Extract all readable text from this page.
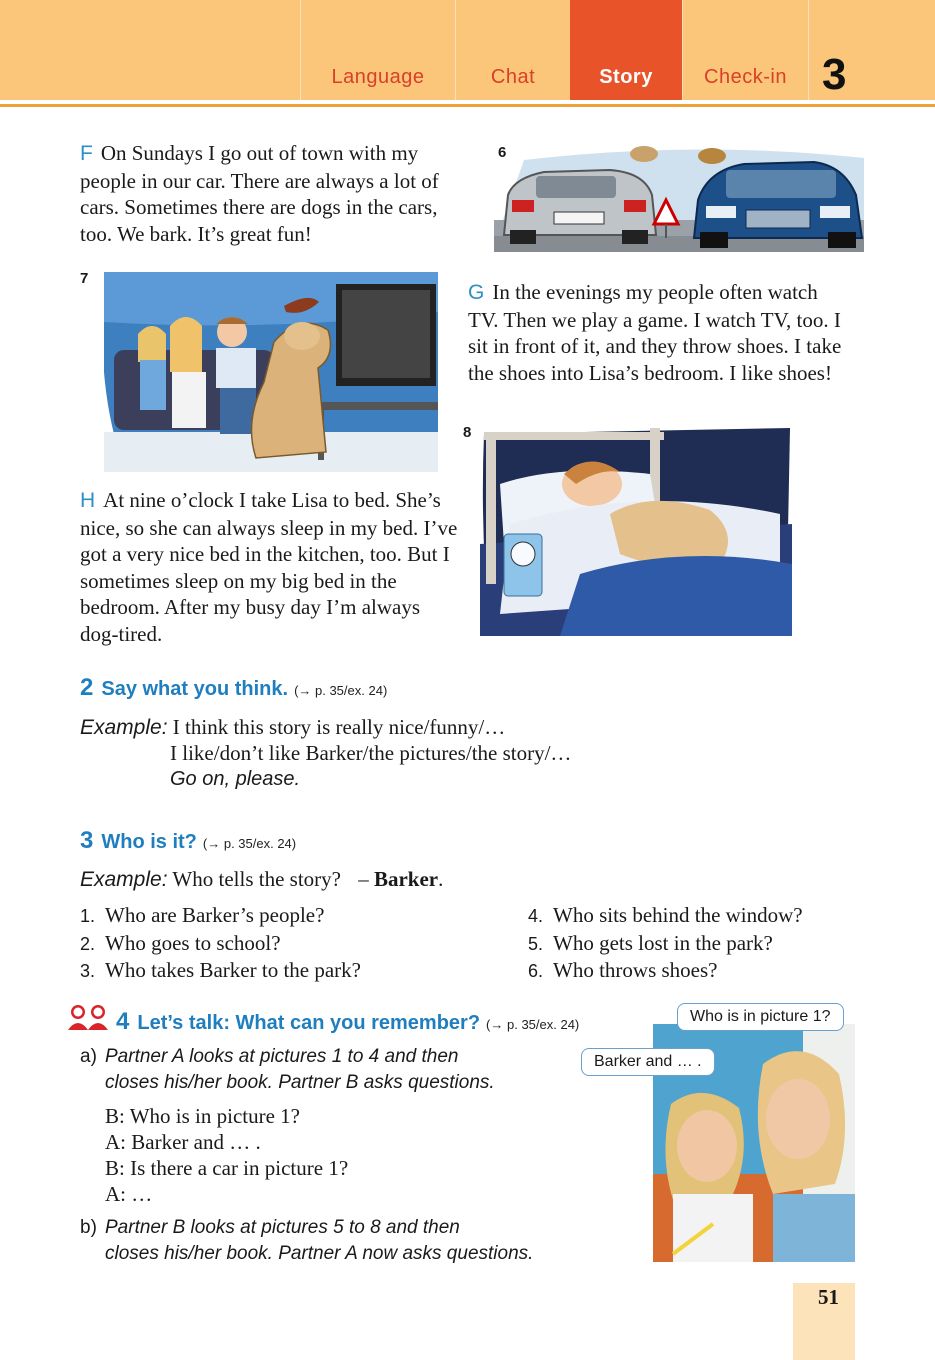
Language	Chat	Story	Check-in 3

F On Sundays I go out of town with my people in our car. There are always a lot of cars. Sometimes there are dogs in the cars, too. We bark. It’s great fun!

6
7

G In the evenings my people often watch TV. Then we play a game. I watch TV, too. I sit in front of it, and they throw shoes. I take the shoes into Lisa’s bedroom. I like shoes!

8

H At nine o’clock I take Lisa to bed. She’s nice, so she can always sleep in my bed. I’ve got a very nice bed in the kitchen, too. But I sometimes sleep on my big bed in the bedroom. After my busy day I’m always dog-tired.

2 Say what you think. (→ p. 35/ex. 24)
Example: I think this story is really nice/funny/…
I like/don’t like Barker/the pictures/the story/…
Go on, please.
3 Who is it? (→ p. 35/ex. 24)
Example: Who tells the story? – Barker.
1. Who are Barker’s people?
2. Who goes to school?
3. Who takes Barker to the park?
4. Who sits behind the window?
5. Who gets lost in the park?
6. Who throws shoes?
4 Let’s talk: What can you remember? (→ p. 35/ex. 24)
a) Partner A looks at pictures 1 to 4 and then
closes his/her book. Partner B asks questions.
B: Who is in picture 1?
A: Barker and … .
B: Is there a car in picture 1?
A: …
b) Partner B looks at pictures 5 to 8 and then
closes his/her book. Partner A now asks questions.
Who is in picture 1?
Barker and … .
51
